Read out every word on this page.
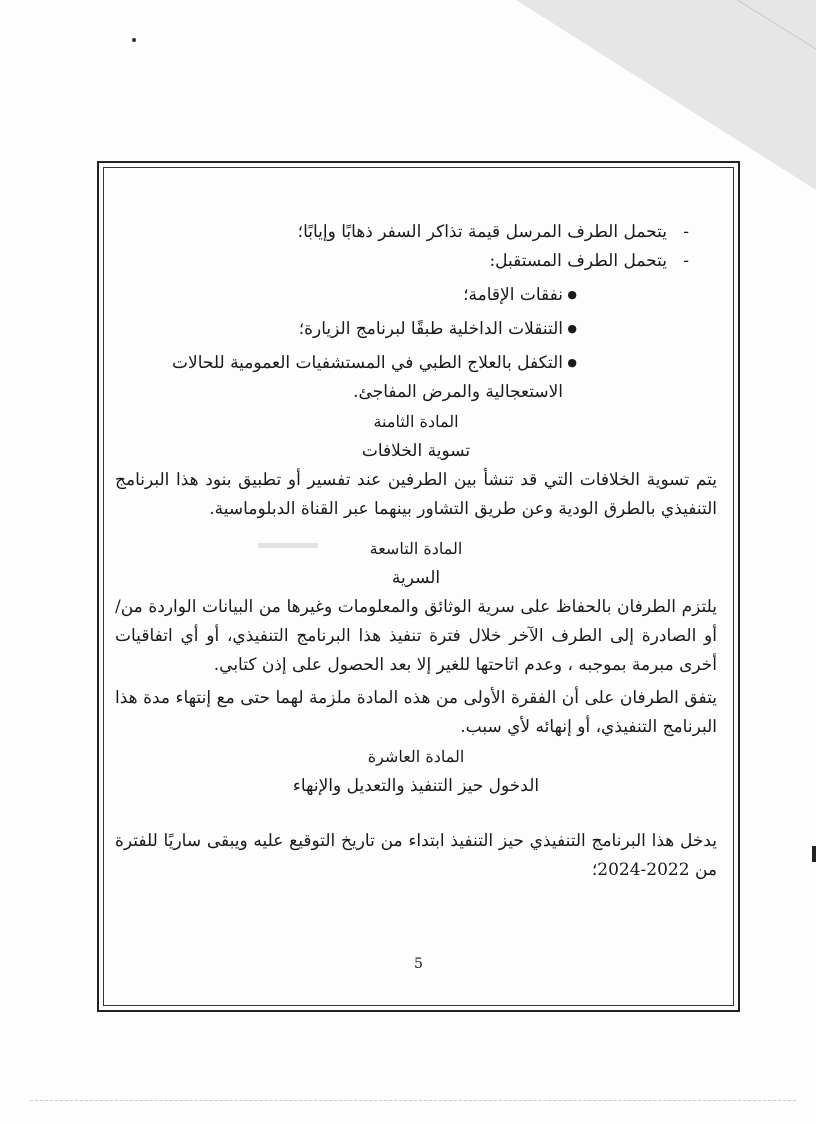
- يتحمل الطرف المرسل قيمة تذاكر السفر ذهابًا وإيابًا؛

- يتحمل الطرف المستقبل:

● نفقات الإقامة؛

● التنقلات الداخلية طبقًا لبرنامج الزيارة؛

● التكفل بالعلاج الطبي في المستشفيات العمومية للحالات

الاستعجالية والمرض المفاجئ.

المادة الثامنة

تسوية الخلافات

يتم تسوية الخلافات التي قد تنشأ بين الطرفين عند تفسير أو تطبيق بنود هذا البرنامج التنفيذي بالطرق الودية وعن طريق التشاور بينهما عبر القناة الدبلوماسية.

المادة التاسعة

السرية

يلتزم الطرفان بالحفاظ على سرية الوثائق والمعلومات وغيرها من البيانات الواردة من/ أو الصادرة إلى الطرف الآخر خلال فترة تنفيذ هذا البرنامج التنفيذي، أو أي اتفاقيات أخرى مبرمة بموجبه ، وعدم اتاحتها للغير إلا بعد الحصول على إذن كتابي.

يتفق الطرفان على أن الفقرة الأولى من هذه المادة ملزمة لهما حتى مع إنتهاء مدة هذا البرنامج التنفيذي، أو إنهائه لأي سبب.

المادة العاشرة

الدخول حيز التنفيذ والتعديل والإنهاء

يدخل هذا البرنامج التنفيذي حيز التنفيذ ابتداء من تاريخ التوقيع عليه ويبقى ساريًا للفترة من 2022-2024؛

5
